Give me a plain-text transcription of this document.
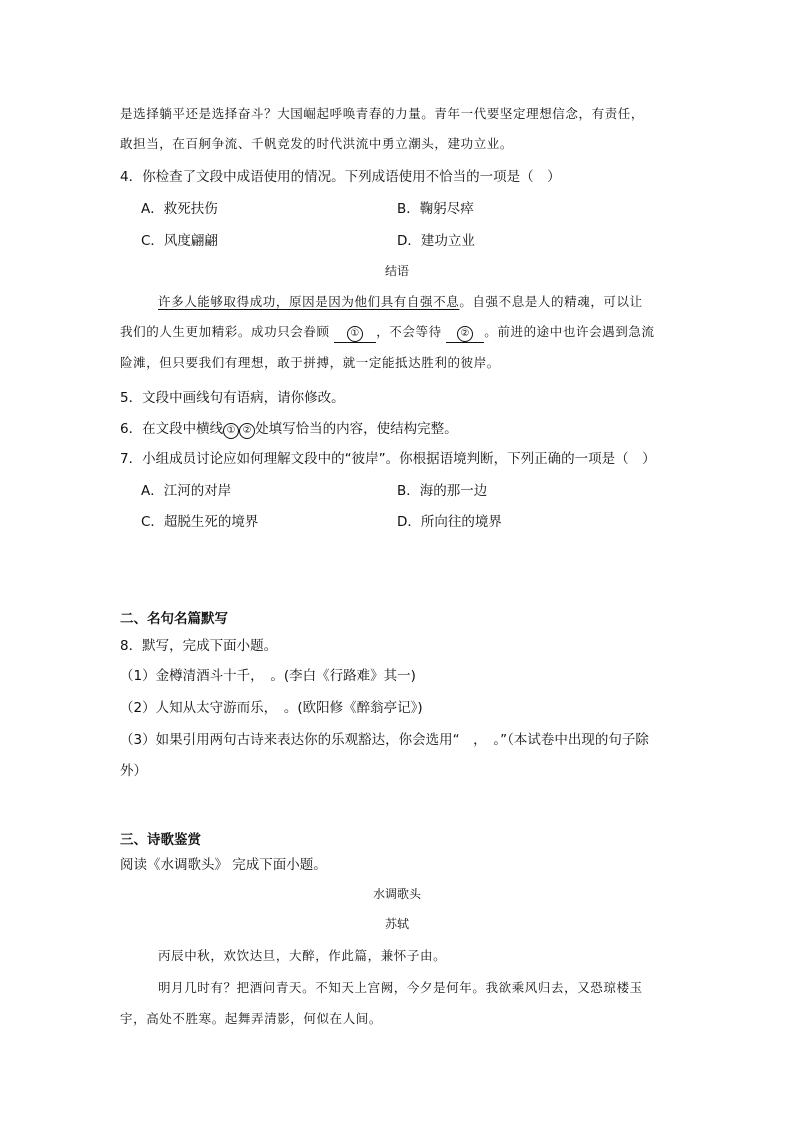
是选择躺平还是选择奋斗？大国崛起呼唤青春的力量。青年一代要坚定理想信念，有责任，
敢担当，在百舸争流、千帆竞发的时代洪流中勇立潮头，建功立业。
4．你检查了文段中成语使用的情况。下列成语使用不恰当的一项是（　）
A．救死扶伤	B．鞠躬尽瘁
C．风度翩翩	D．建功立业
结语
许多人能够取得成功，原因是因为他们具有自强不息。自强不息是人的精魂，可以让
我们的人生更加精彩。成功只会眷顾 ① ，不会等待 ② 。前进的途中也许会遇到急流
险滩，但只要我们有理想，敢于拼搏，就一定能抵达胜利的彼岸。
5．文段中画线句有语病，请你修改。
6．在文段中横线 ① ② 处填写恰当的内容，使结构完整。
7．小组成员讨论应如何理解文段中的“彼岸”。你根据语境判断，下列正确的一项是（　）
A．江河的对岸	B．海的那一边
C．超脱生死的境界	D．所向往的境界
二、名句名篇默写
8．默写，完成下面小题。
（1）金樽清酒斗十千，　。(李白《行路难》其一)
（2）人知从太守游而乐，　。(欧阳修《醉翁亭记》)
（3）如果引用两句古诗来表达你的乐观豁达，你会选用“　，　。”（本试卷中出现的句子除
外）
三、诗歌鉴赏
阅读《水调歌头》 完成下面小题。
水调歌头
苏轼
丙辰中秋，欢饮达旦，大醉，作此篇，兼怀子由。
明月几时有？把酒问青天。不知天上宫阙，今夕是何年。我欲乘风归去，又恐琼楼玉
宇，高处不胜寒。起舞弄清影，何似在人间。
